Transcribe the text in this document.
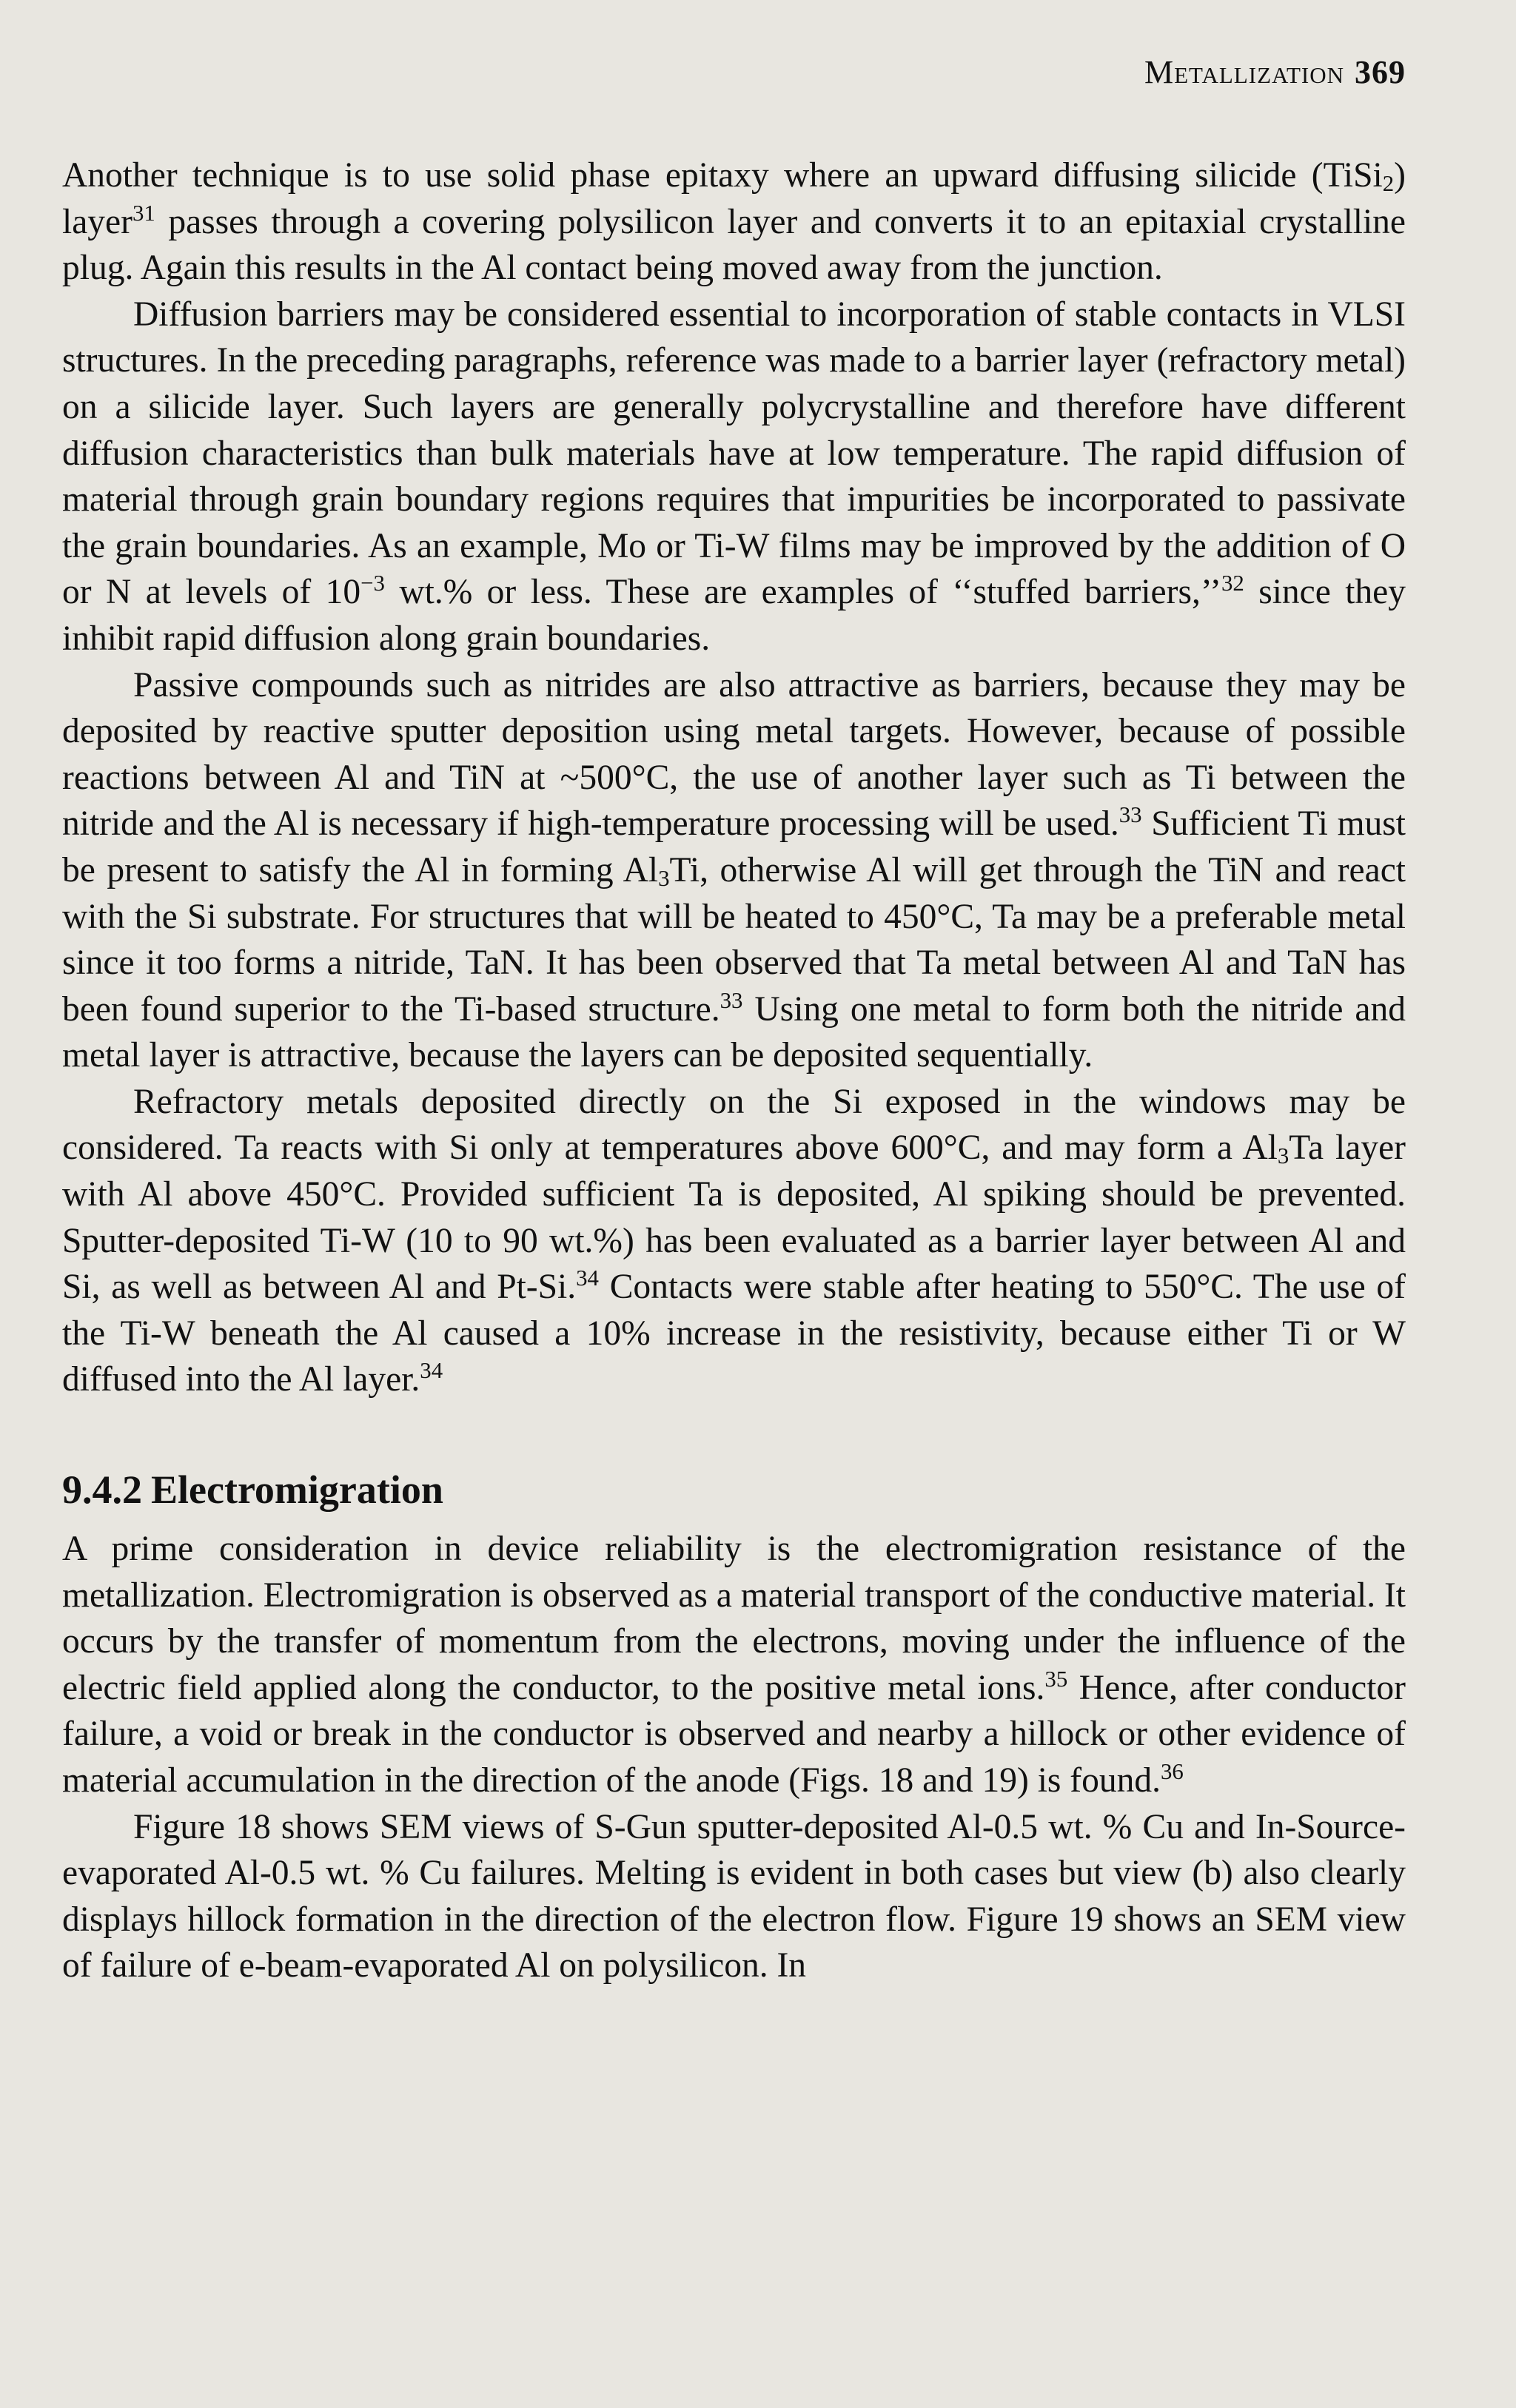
Metallization 369

Another technique is to use solid phase epitaxy where an upward diffusing silicide (TiSi$_2$) layer$^{31}$ passes through a covering polysilicon layer and converts it to an epitaxial crystalline plug. Again this results in the Al contact being moved away from the junction.

Diffusion barriers may be considered essential to incorporation of stable contacts in VLSI structures. In the preceding paragraphs, reference was made to a barrier layer (refractory metal) on a silicide layer. Such layers are generally polycrystalline and therefore have different diffusion characteristics than bulk materials have at low temperature. The rapid diffusion of material through grain boundary regions requires that impurities be incorporated to passivate the grain boundaries. As an example, Mo or Ti-W films may be improved by the addition of O or N at levels of $10^{-3}$ wt.% or less. These are examples of ‘‘stuffed barriers,’’$^{32}$ since they inhibit rapid diffusion along grain boundaries.

Passive compounds such as nitrides are also attractive as barriers, because they may be deposited by reactive sputter deposition using metal targets. However, because of possible reactions between Al and TiN at ~500°C, the use of another layer such as Ti between the nitride and the Al is necessary if high-temperature processing will be used.$^{33}$ Sufficient Ti must be present to satisfy the Al in forming $Al_3Ti$, otherwise Al will get through the TiN and react with the Si substrate. For structures that will be heated to 450°C, Ta may be a preferable metal since it too forms a nitride, TaN. It has been observed that Ta metal between Al and TaN has been found superior to the Ti-based structure.$^{33}$ Using one metal to form both the nitride and metal layer is attractive, because the layers can be deposited sequentially.

Refractory metals deposited directly on the Si exposed in the windows may be considered. Ta reacts with Si only at temperatures above 600°C, and may form a $Al_3Ta$ layer with Al above 450°C. Provided sufficient Ta is deposited, Al spiking should be prevented. Sputter-deposited Ti-W (10 to 90 wt.%) has been evaluated as a barrier layer between Al and Si, as well as between Al and Pt-Si.$^{34}$ Contacts were stable after heating to 550°C. The use of the Ti-W beneath the Al caused a 10% increase in the resistivity, because either Ti or W diffused into the Al layer.$^{34}$

9.4.2 Electromigration

A prime consideration in device reliability is the electromigration resistance of the metallization. Electromigration is observed as a material transport of the conductive material. It occurs by the transfer of momentum from the electrons, moving under the influence of the electric field applied along the conductor, to the positive metal ions.$^{35}$ Hence, after conductor failure, a void or break in the conductor is observed and nearby a hillock or other evidence of material accumulation in the direction of the anode (Figs. 18 and 19) is found.$^{36}$

Figure 18 shows SEM views of S-Gun sputter-deposited Al-0.5 wt. % Cu and In-Source-evaporated Al-0.5 wt. % Cu failures. Melting is evident in both cases but view (b) also clearly displays hillock formation in the direction of the electron flow. Figure 19 shows an SEM view of failure of e-beam-evaporated Al on polysilicon. In
